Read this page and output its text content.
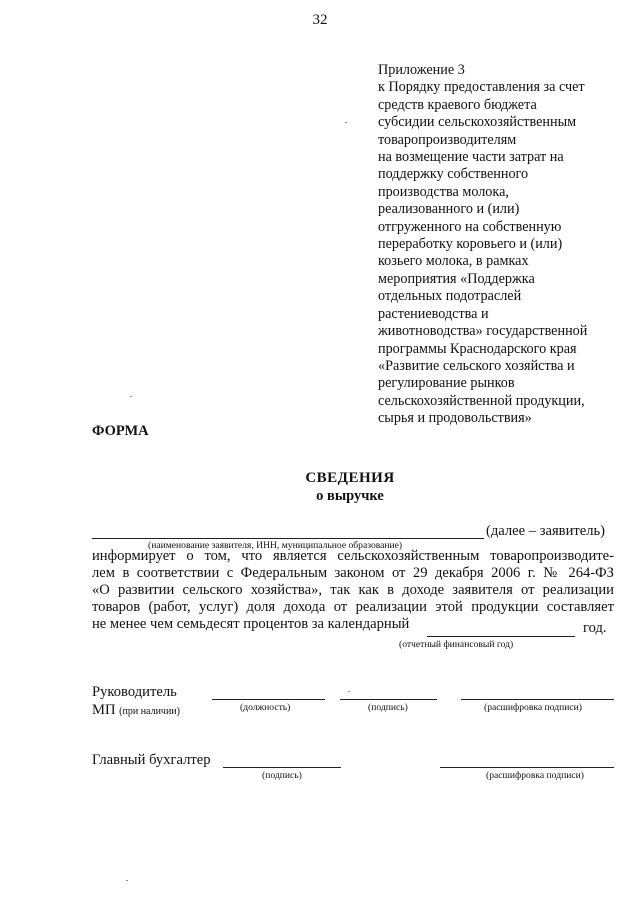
32
Приложение 3
к Порядку предоставления за счет
средств краевого бюджета
субсидии сельскохозяйственным
товаропроизводителям
на возмещение части затрат на
поддержку собственного
производства молока,
реализованного и (или)
отгруженного на собственную
переработку коровьего и (или)
козьего молока, в рамках
мероприятия «Поддержка
отдельных подотраслей
растениеводства и
животноводства» государственной
программы Краснодарского края
«Развитие сельского хозяйства и
регулирование рынков
сельскохозяйственной продукции,
сырья и продовольствия»
ФОРМА
СВЕДЕНИЯ
о выручке
(далее – заявитель)
(наименование заявителя, ИНН, муниципальное образование)
информирует о том, что является сельскохозяйственным товаропроизводите-
лем в соответствии с Федеральным законом от 29 декабря 2006 г. № 264-ФЗ
«О развитии сельского хозяйства», так как в доходе заявителя от реализации
товаров (работ, услуг) доля дохода от реализации этой продукции составляет
не менее чем семьдесят процентов за календарный	год.
(отчетный финансовый год)
Руководитель
МП (при наличии)	(должность)	(подпись)	(расшифровка подписи)
Главный бухгалтер
(подпись)	(расшифровка подписи)
